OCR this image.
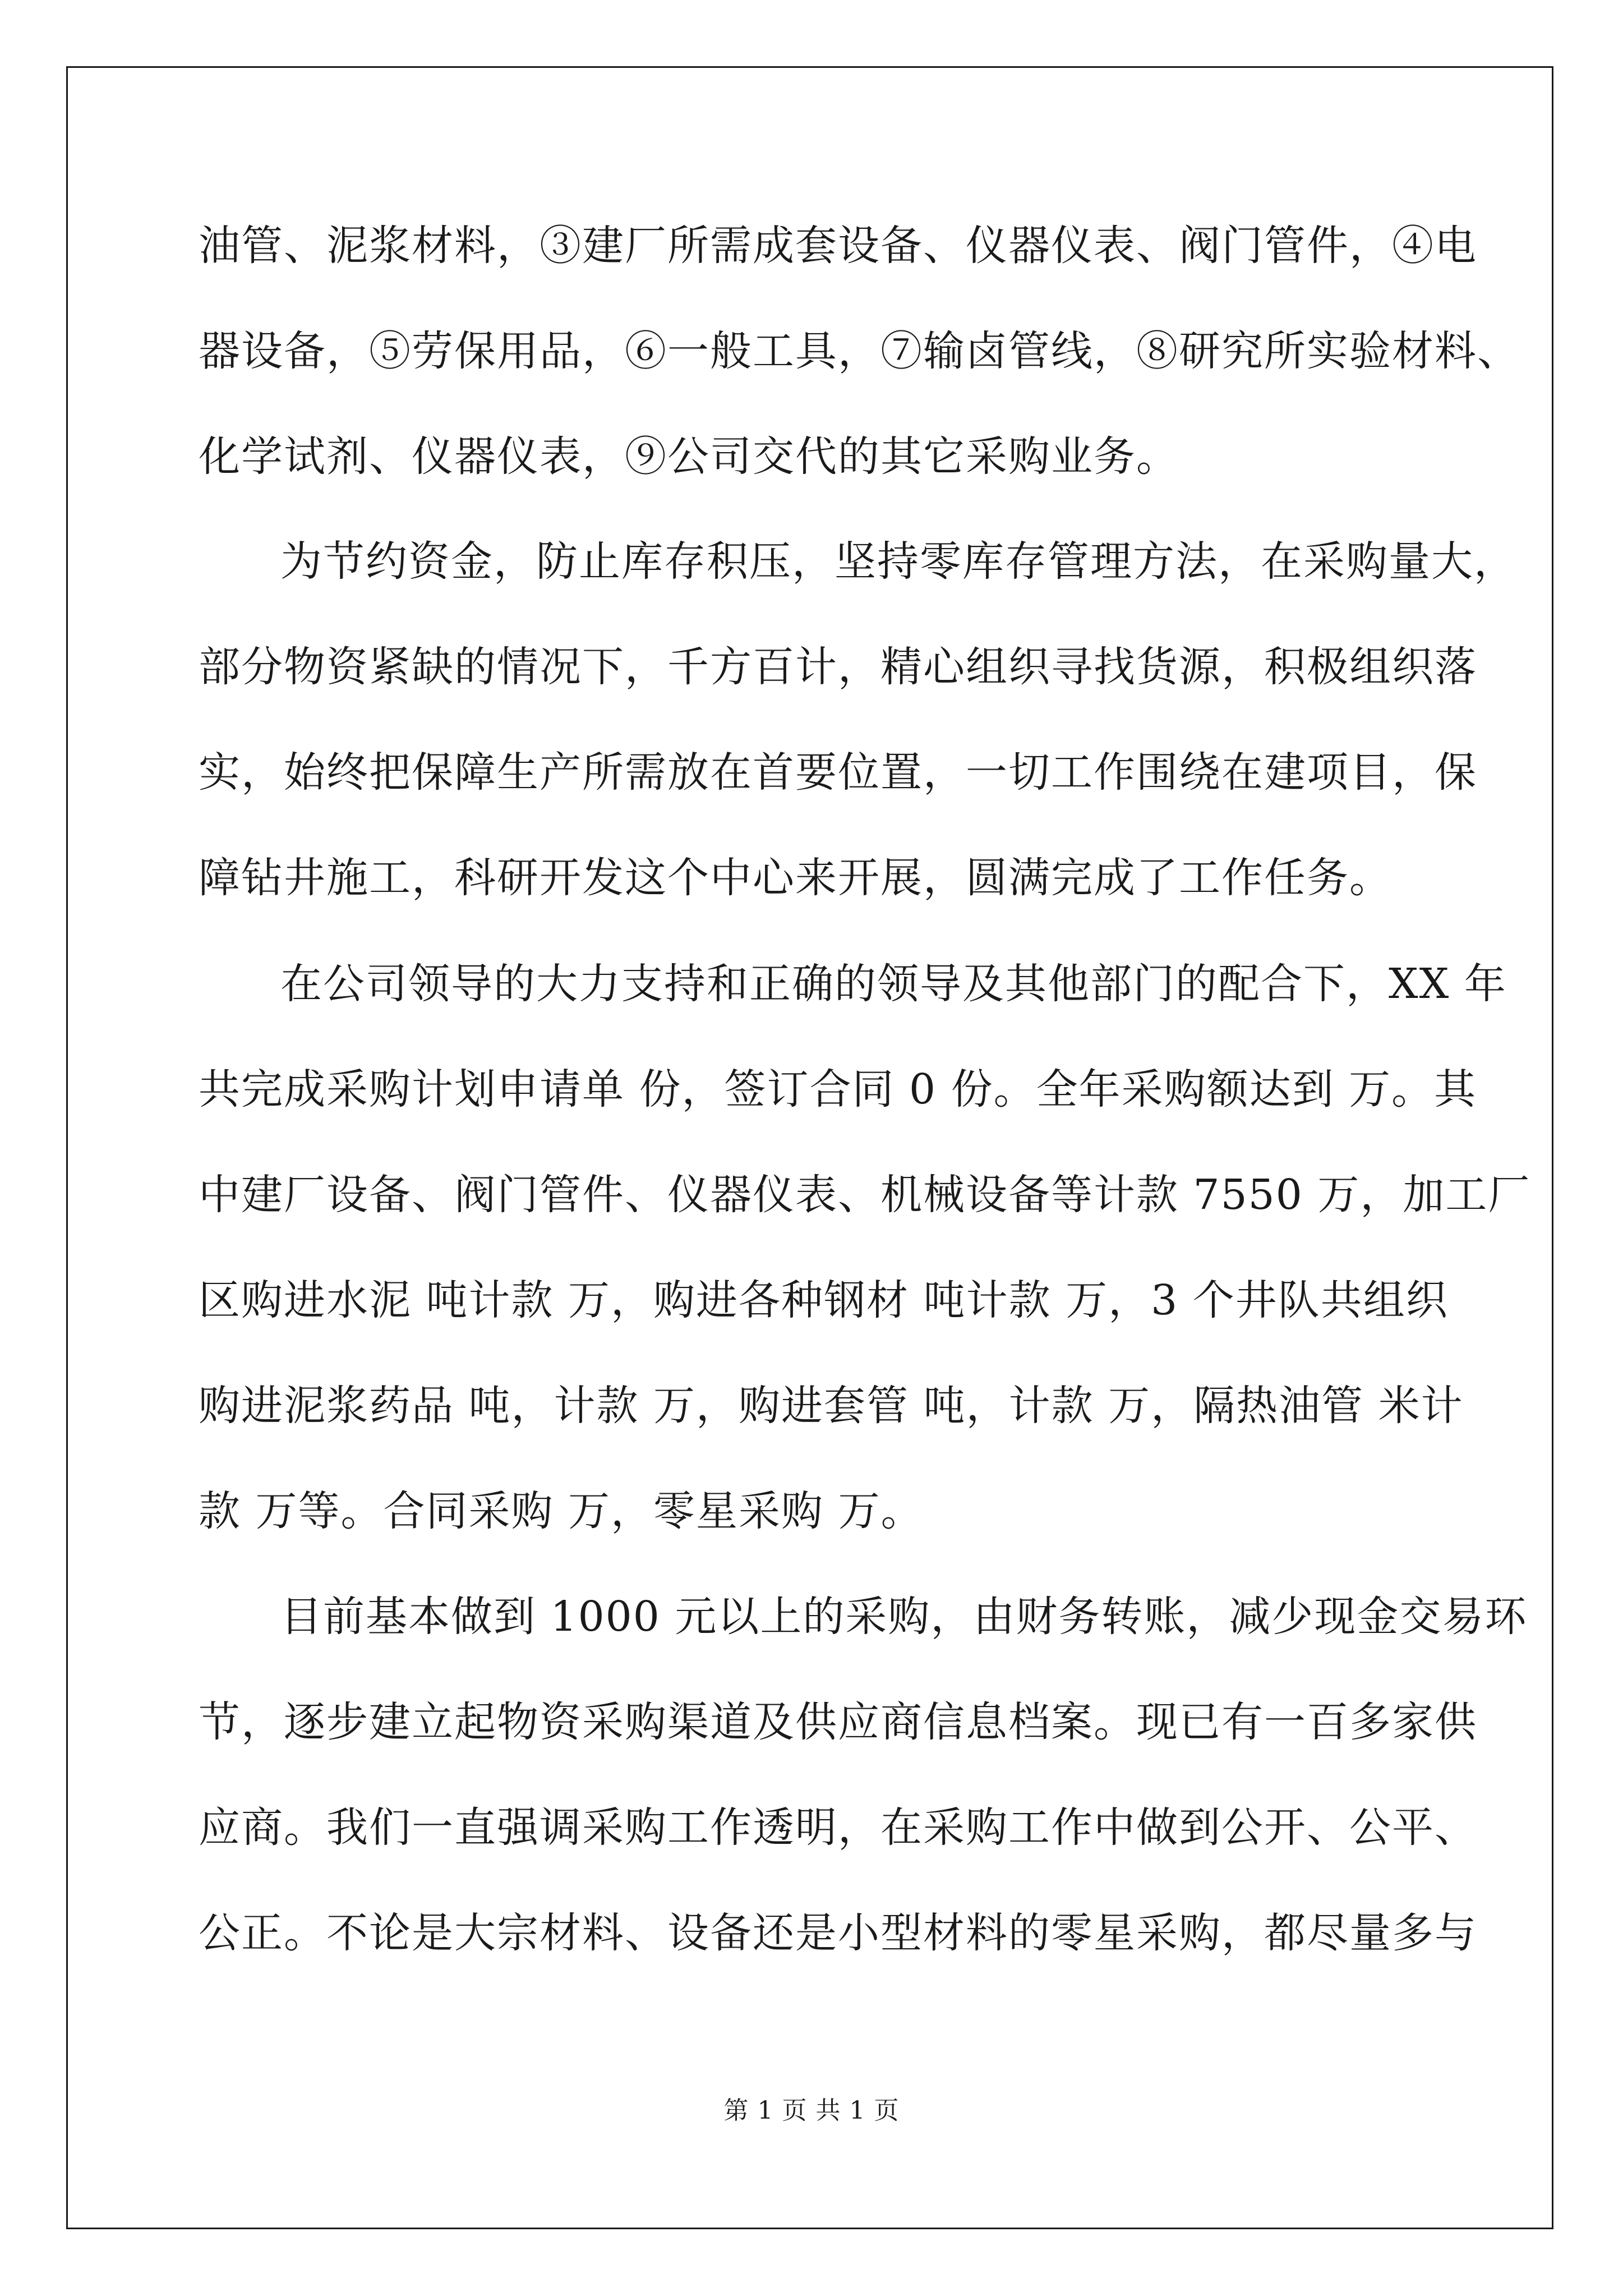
油管、泥浆材料，③建厂所需成套设备、仪器仪表、阀门管件，④电
器设备，⑤劳保用品，⑥一般工具，⑦输卤管线，⑧研究所实验材料、
化学试剂、仪器仪表，⑨公司交代的其它采购业务。
为节约资金，防止库存积压，坚持零库存管理方法，在采购量大，
部分物资紧缺的情况下，千方百计，精心组织寻找货源，积极组织落
实，始终把保障生产所需放在首要位置，一切工作围绕在建项目，保
障钻井施工，科研开发这个中心来开展，圆满完成了工作任务。
在公司领导的大力支持和正确的领导及其他部门的配合下，XX 年
共完成采购计划申请单 份，签订合同 0 份。全年采购额达到 万。其
中建厂设备、阀门管件、仪器仪表、机械设备等计款 7550 万，加工厂
区购进水泥 吨计款 万，购进各种钢材 吨计款 万，3 个井队共组织
购进泥浆药品 吨，计款 万，购进套管 吨，计款 万，隔热油管 米计
款 万等。合同采购 万，零星采购 万。
目前基本做到 1000 元以上的采购，由财务转账，减少现金交易环
节，逐步建立起物资采购渠道及供应商信息档案。现已有一百多家供
应商。我们一直强调采购工作透明，在采购工作中做到公开、公平、
公正。不论是大宗材料、设备还是小型材料的零星采购，都尽量多与
第 1 页 共 1 页
